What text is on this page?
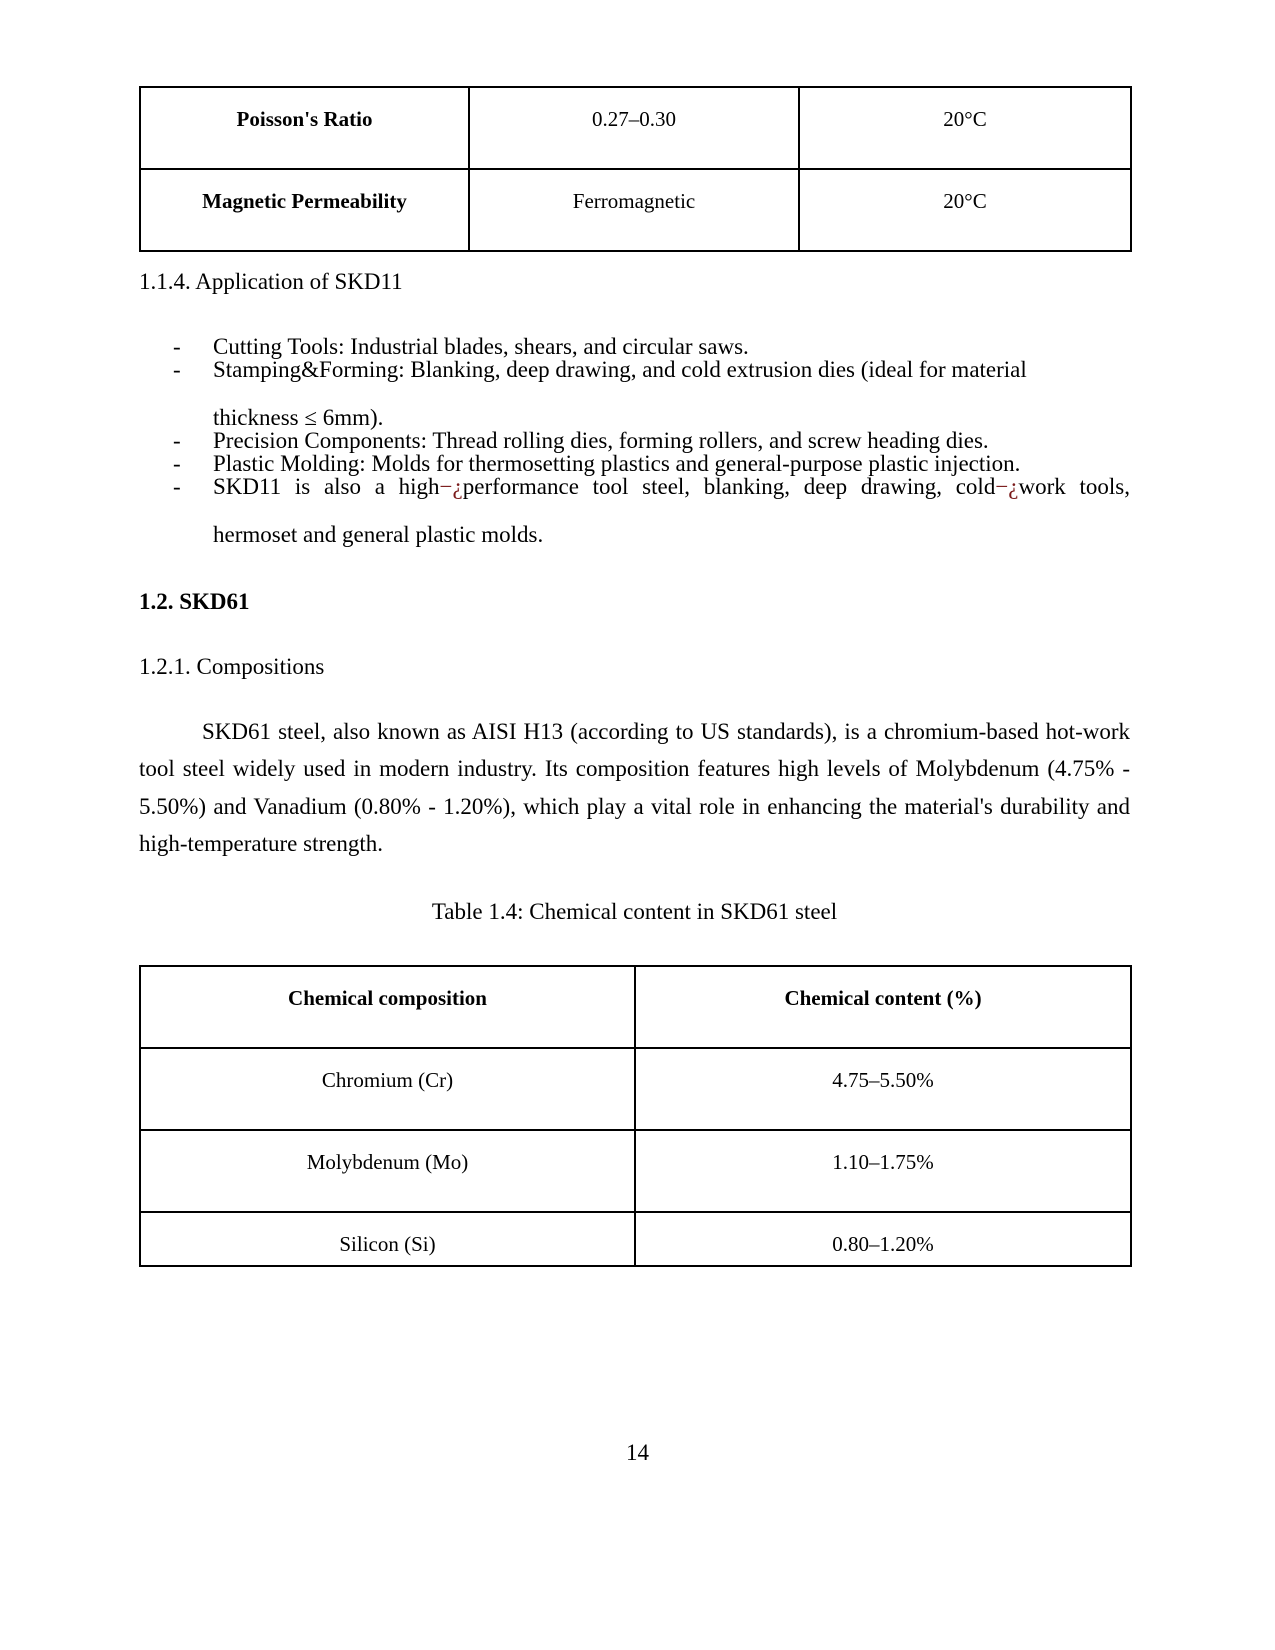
Poisson's Ratio	0.27–0.30	20°C

Magnetic Permeability	Ferromagnetic	20°C

1.1.4. Application of SKD11

- Cutting Tools: Industrial blades, shears, and circular saws.
- Stamping&Forming: Blanking, deep drawing, and cold extrusion dies (ideal for material
thickness ≤ 6mm).
- Precision Components: Thread rolling dies, forming rollers, and screw heading dies.
- Plastic Molding: Molds for thermosetting plastics and general-purpose plastic injection.
- SKD11 is also a high−¿performance tool steel, blanking, deep drawing, cold−¿work tools,
hermoset and general plastic molds.

1.2. SKD61

1.2.1. Compositions

SKD61 steel, also known as AISI H13 (according to US standards), is a chromium-based hot-work tool steel widely used in modern industry. Its composition features high levels of Molybdenum (4.75% - 5.50%) and Vanadium (0.80% - 1.20%), which play a vital role in enhancing the material's durability and high-temperature strength.

Table 1.4: Chemical content in SKD61 steel

Chemical composition	Chemical content (%)

Chromium (Cr)	4.75–5.50%

Molybdenum (Mo)	1.10–1.75%

Silicon (Si)	0.80–1.20%
14
